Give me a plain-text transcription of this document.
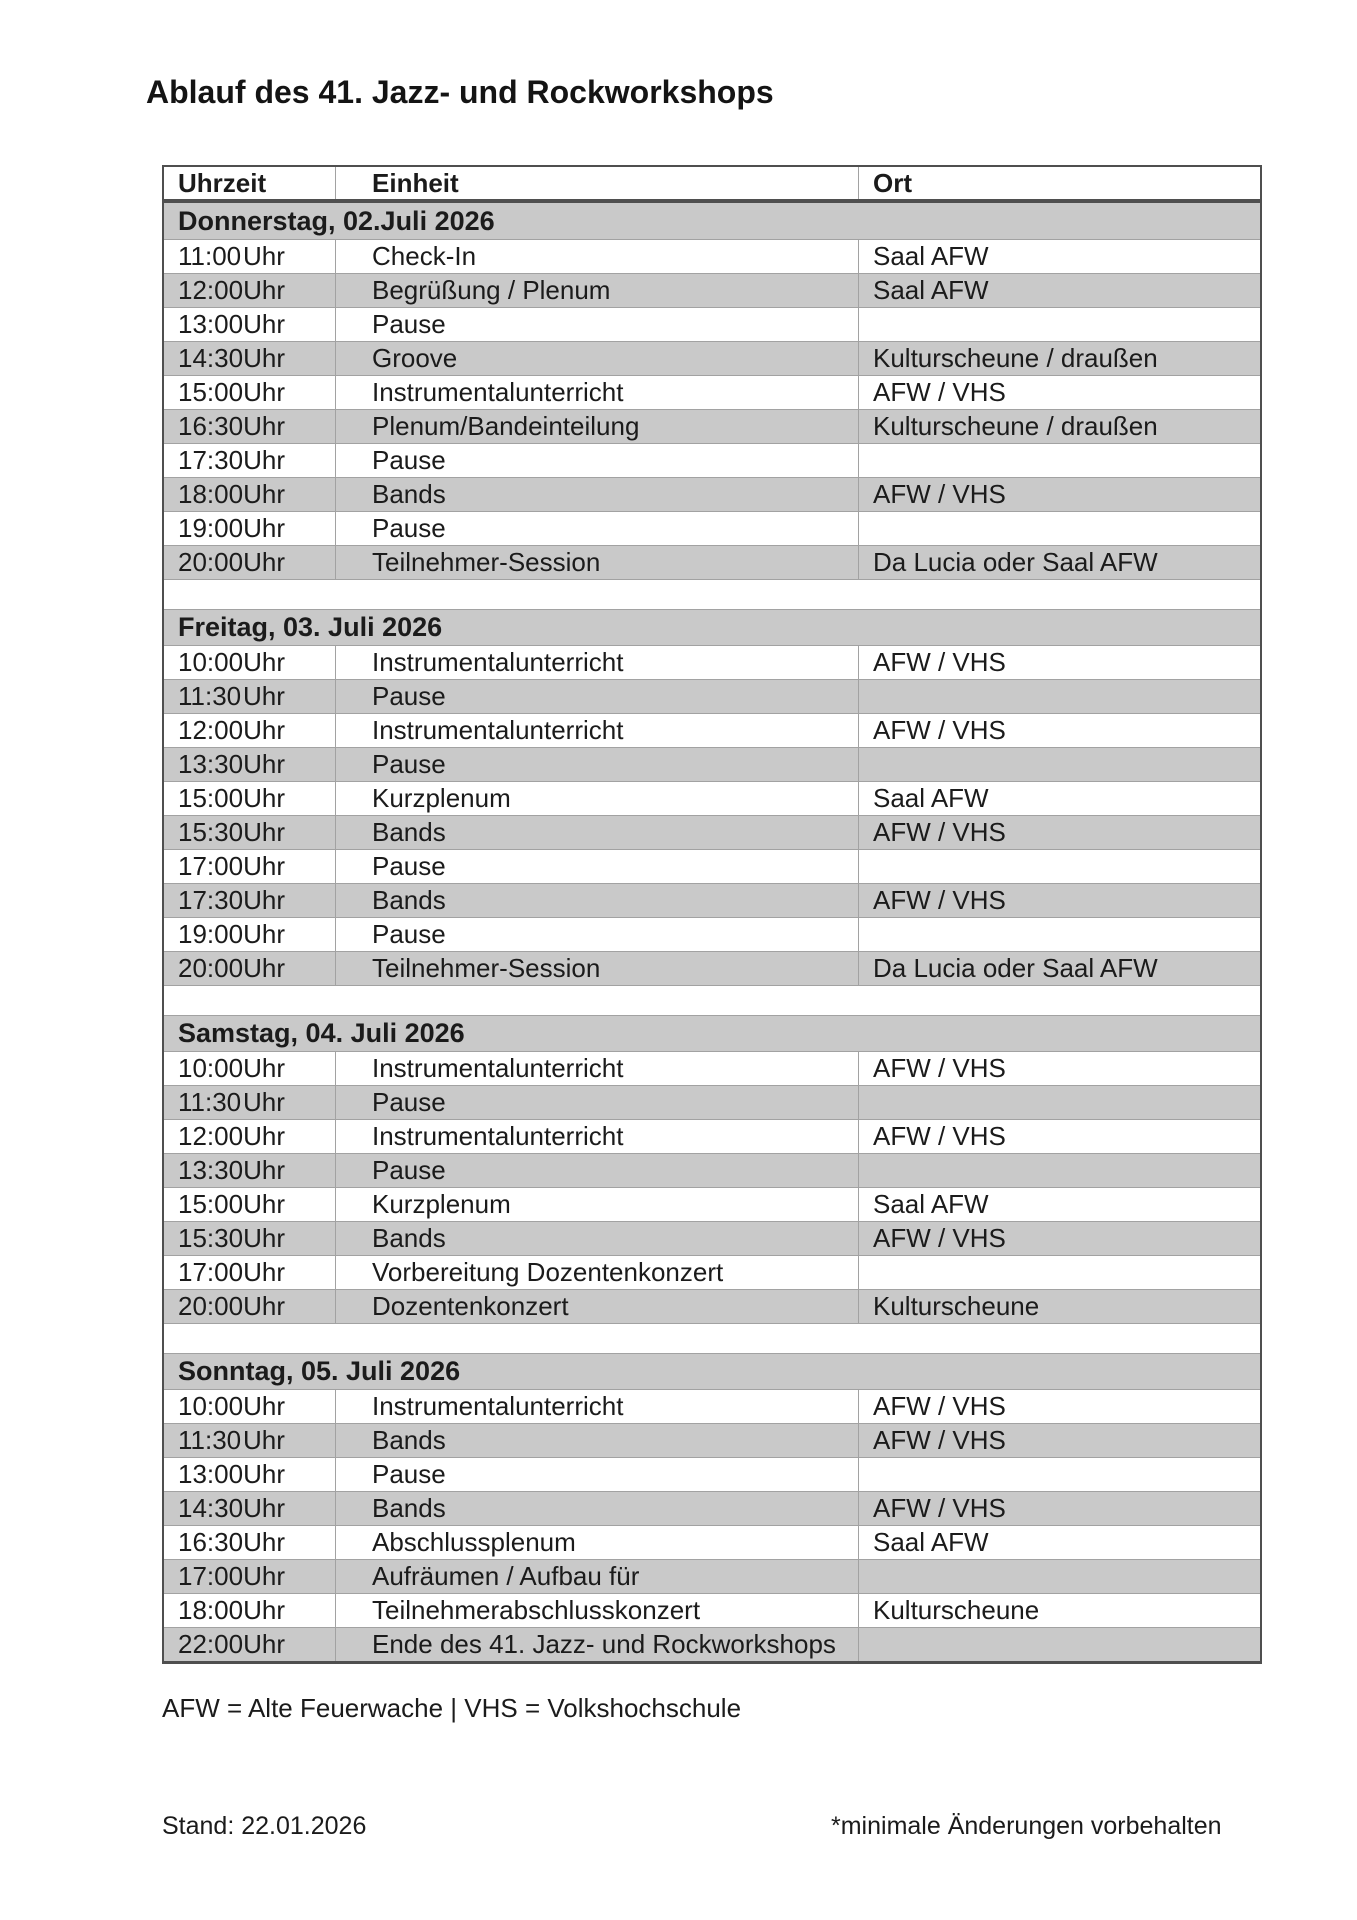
Ablauf des 41. Jazz- und Rockworkshops
Uhrzeit	Einheit	Ort
Donnerstag, 02.Juli 2026
11:00 Uhr	Check-In	Saal AFW
12:00 Uhr	Begrüßung / Plenum	Saal AFW
13:00 Uhr	Pause
14:30 Uhr	Groove	Kulturscheune / draußen
15:00 Uhr	Instrumentalunterricht	AFW / VHS
16:30 Uhr	Plenum/Bandeinteilung	Kulturscheune / draußen
17:30 Uhr	Pause
18:00 Uhr	Bands	AFW / VHS
19:00 Uhr	Pause
20:00 Uhr	Teilnehmer-Session	Da Lucia oder Saal AFW
Freitag, 03. Juli 2026
10:00 Uhr	Instrumentalunterricht	AFW / VHS
11:30 Uhr	Pause
12:00 Uhr	Instrumentalunterricht	AFW / VHS
13:30 Uhr	Pause
15:00 Uhr	Kurzplenum	Saal AFW
15:30 Uhr	Bands	AFW / VHS
17:00 Uhr	Pause
17:30 Uhr	Bands	AFW / VHS
19:00 Uhr	Pause
20:00 Uhr	Teilnehmer-Session	Da Lucia oder Saal AFW
Samstag, 04. Juli 2026
10:00 Uhr	Instrumentalunterricht	AFW / VHS
11:30 Uhr	Pause
12:00 Uhr	Instrumentalunterricht	AFW / VHS
13:30 Uhr	Pause
15:00 Uhr	Kurzplenum	Saal AFW
15:30 Uhr	Bands	AFW / VHS
17:00 Uhr	Vorbereitung Dozentenkonzert
20:00 Uhr	Dozentenkonzert	Kulturscheune
Sonntag, 05. Juli 2026
10:00 Uhr	Instrumentalunterricht	AFW / VHS
11:30 Uhr	Bands	AFW / VHS
13:00 Uhr	Pause
14:30 Uhr	Bands	AFW / VHS
16:30 Uhr	Abschlussplenum	Saal AFW
17:00 Uhr	Aufräumen / Aufbau für
18:00 Uhr	Teilnehmerabschlusskonzert	Kulturscheune
22:00 Uhr	Ende des 41. Jazz- und Rockworkshops
AFW = Alte Feuerwache | VHS = Volkshochschule
Stand: 22.01.2026	*minimale Änderungen vorbehalten
